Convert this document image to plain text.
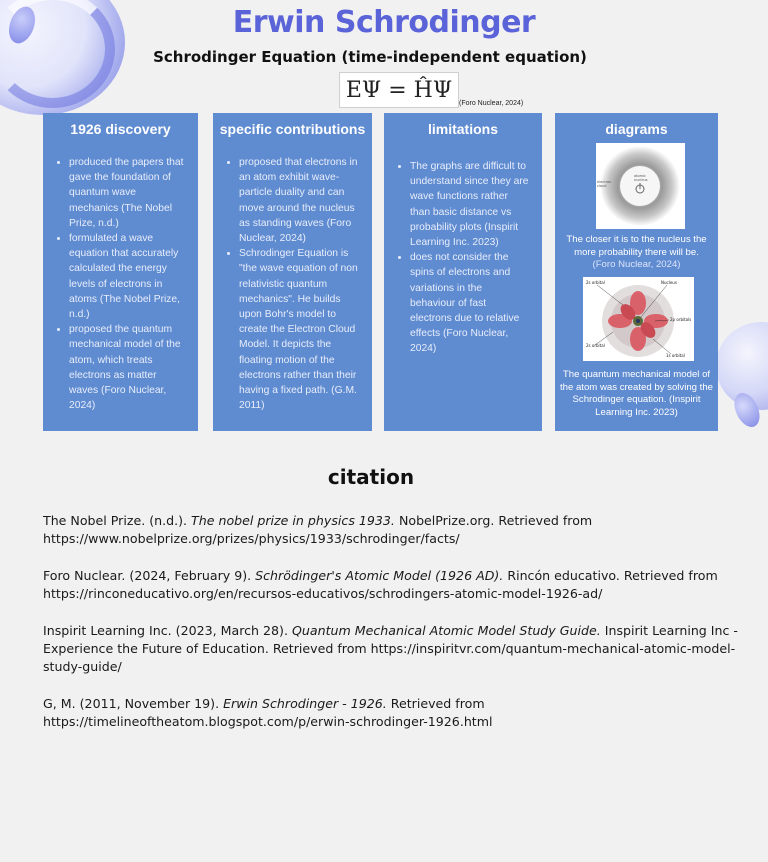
Erwin Schrodinger
Schrodinger Equation (time-independent equation)
EΨ = ĤΨ
(Foro Nuclear, 2024)
1926 discovery
• produced the papers that gave the foundation of quantum wave mechanics (The Nobel Prize, n.d.)
• formulated a wave equation that accurately calculated the energy levels of electrons in atoms (The Nobel Prize, n.d.)
• proposed the quantum mechanical model of the atom, which treats electrons as matter waves (Foro Nuclear, 2024)
specific contributions
• proposed that electrons in an atom exhibit wave-particle duality and can move around the nucleus as standing waves (Foro Nuclear, 2024)
• Schrodinger Equation is "the wave equation of non relativistic quantum mechanics". He builds upon Bohr's model to create the Electron Cloud Model. It depicts the floating motion of the electrons rather than their having a fixed path. (G.M. 2011)
limitations
• The graphs are difficult to understand since they are wave functions rather than basic distance vs probability plots (Inspirit Learning Inc. 2023)
• does not consider the spins of electrons and variations in the behaviour of fast electrons due to relative effects (Foro Nuclear, 2024)
diagrams
atomic
nucleus
electron
cloud
The closer it is to the nucleus the more probability there will be.
(Foro Nuclear, 2024)
2s orbital	Nucleus
2p orbitals
2s orbital
1s orbital
The quantum mechanical model of the atom was created by solving the Schrodinger equation. (Inspirit Learning Inc. 2023)
citation

The Nobel Prize. (n.d.). The nobel prize in physics 1933. NobelPrize.org. Retrieved from https://www.nobelprize.org/prizes/physics/1933/schrodinger/facts/

Foro Nuclear. (2024, February 9). Schrödinger's Atomic Model (1926 AD). Rincón educativo. Retrieved from https://rinconeducativo.org/en/recursos-educativos/schrodingers-atomic-model-1926-ad/

Inspirit Learning Inc. (2023, March 28). Quantum Mechanical Atomic Model Study Guide. Inspirit Learning Inc - Experience the Future of Education. Retrieved from https://inspiritvr.com/quantum-mechanical-atomic-model-study-guide/

G, M. (2011, November 19). Erwin Schrodinger - 1926. Retrieved from https://timelineoftheatom.blogspot.com/p/erwin-schrodinger-1926.html
